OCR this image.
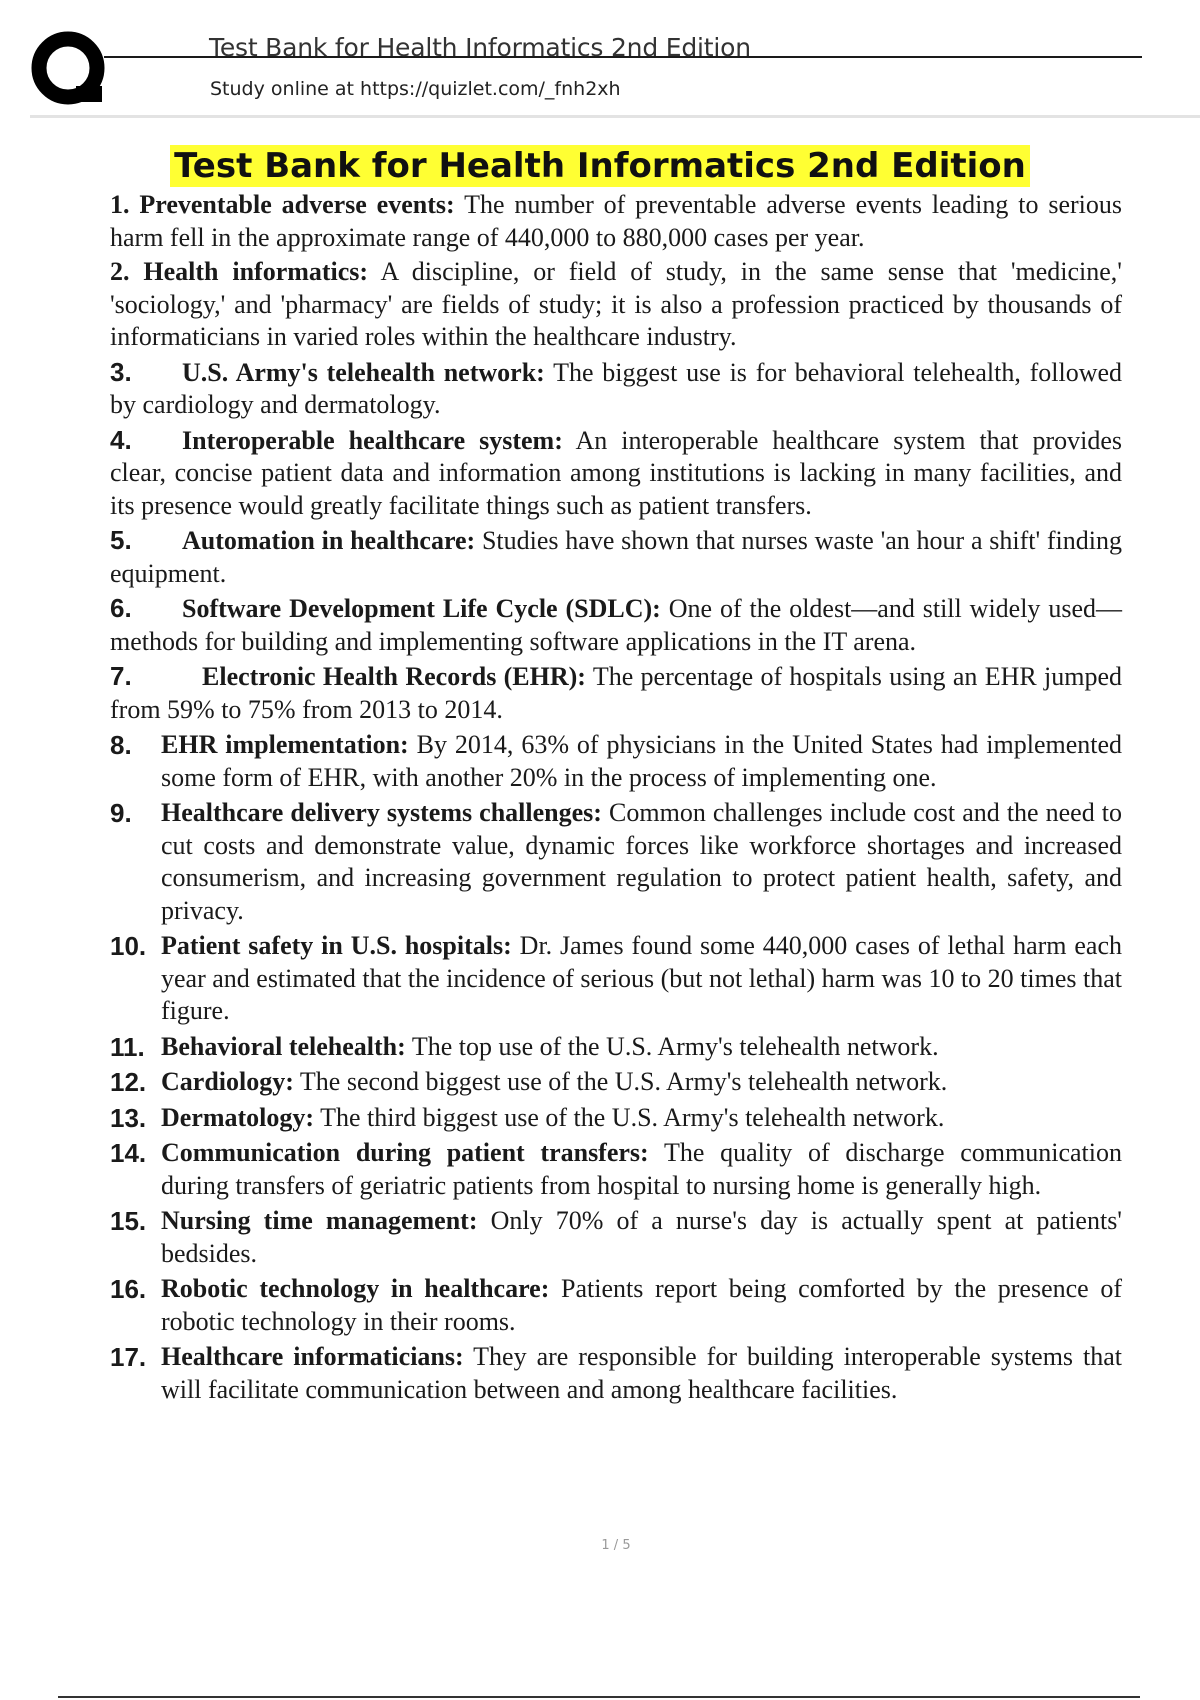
Test Bank for Health Informatics 2nd Edition
Study online at https://quizlet.com/_fnh2xh
Test Bank for Health Informatics 2nd Edition
1. Preventable adverse events: The number of preventable adverse events leading to serious harm fell in the approximate range of 440,000 to 880,000 cases per year.
2. Health informatics: A discipline, or field of study, in the same sense that 'medicine,' 'sociology,' and 'pharmacy' are fields of study; it is also a profession practiced by thousands of informaticians in varied roles within the healthcare industry.
3. U.S. Army's telehealth network: The biggest use is for behavioral telehealth, followed by cardiology and dermatology.
4. Interoperable healthcare system: An interoperable healthcare system that provides clear, concise patient data and information among institutions is lacking in many facilities, and its presence would greatly facilitate things such as patient transfers.
5. Automation in healthcare: Studies have shown that nurses waste 'an hour a shift' finding equipment.
6. Software Development Life Cycle (SDLC): One of the oldest—and still widely used—methods for building and implementing software applications in the IT arena.
7.	Electronic Health Records (EHR): The percentage of hospitals using an EHR jumped from 59% to 75% from 2013 to 2014.
8. EHR implementation: By 2014, 63% of physicians in the United States had implemented some form of EHR, with another 20% in the process of implementing one.
9. Healthcare delivery systems challenges: Common challenges include cost and the need to cut costs and demonstrate value, dynamic forces like workforce shortages and increased consumerism, and increasing government regulation to protect patient health, safety, and privacy.
10. Patient safety in U.S. hospitals: Dr. James found some 440,000 cases of lethal harm each year and estimated that the incidence of serious (but not lethal) harm was 10 to 20 times that figure.
11. Behavioral telehealth: The top use of the U.S. Army's telehealth network.
12. Cardiology: The second biggest use of the U.S. Army's telehealth network.
13. Dermatology: The third biggest use of the U.S. Army's telehealth network.
14. Communication during patient transfers: The quality of discharge communication during transfers of geriatric patients from hospital to nursing home is generally high.
15. Nursing time management: Only 70% of a nurse's day is actually spent at patients' bedsides.
16. Robotic technology in healthcare: Patients report being comforted by the presence of robotic technology in their rooms.
17. Healthcare informaticians: They are responsible for building interoperable systems that will facilitate communication between and among healthcare facilities.
1 / 5
